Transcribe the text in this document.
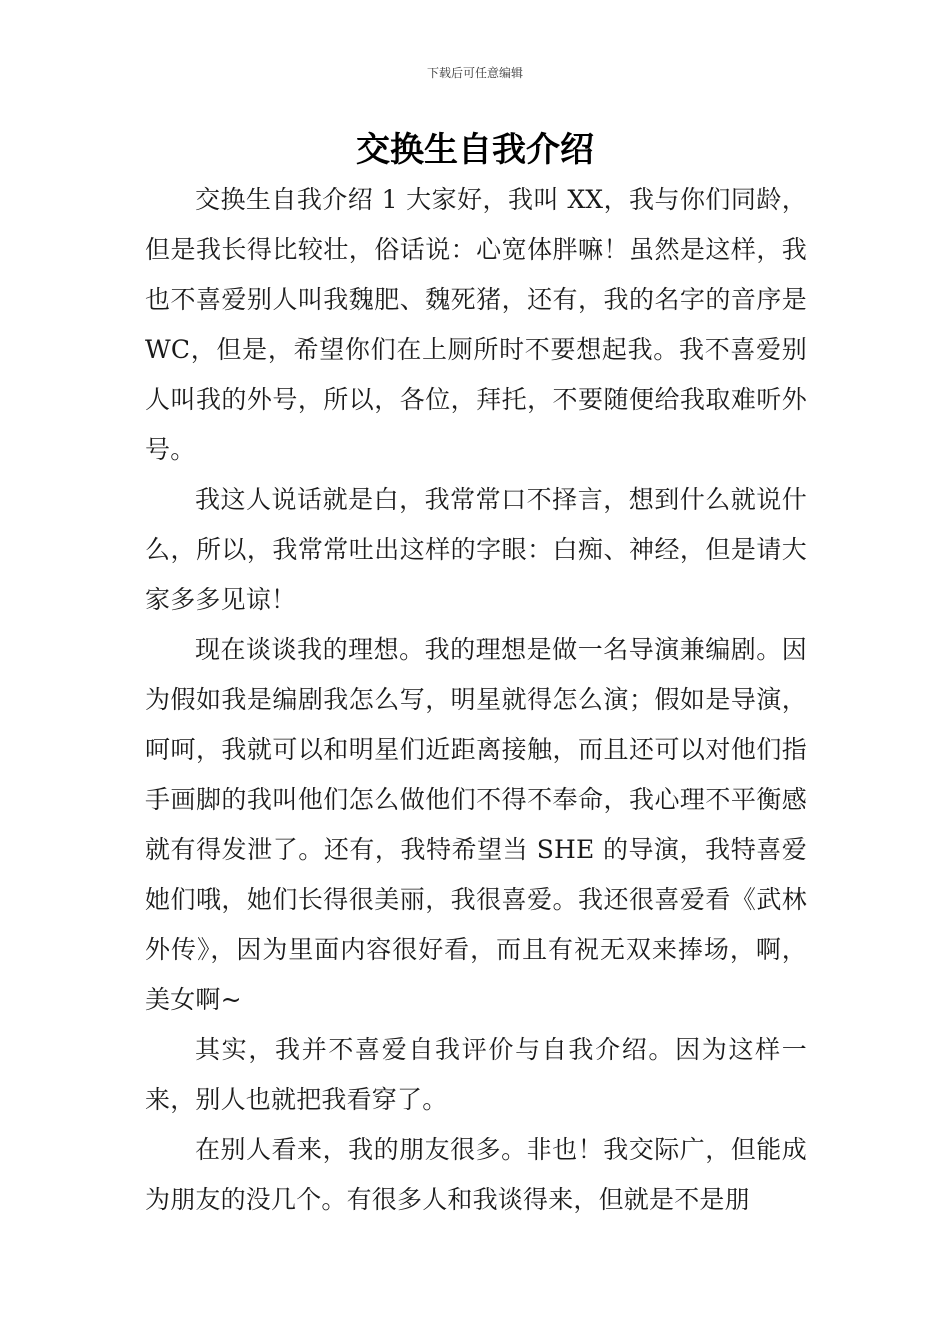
下载后可任意编辑
交换生自我介绍

交换生自我介绍 1 大家好，我叫 XX，我与你们同龄，但是我长得比较壮，俗话说：心宽体胖嘛！虽然是这样，我也不喜爱别人叫我魏肥、魏死猪，还有，我的名字的音序是 WC，但是，希望你们在上厕所时不要想起我。我不喜爱别人叫我的外号，所以，各位，拜托，不要随便给我取难听外号。

我这人说话就是白，我常常口不择言，想到什么就说什么，所以，我常常吐出这样的字眼：白痴、神经，但是请大家多多见谅！

现在谈谈我的理想。我的理想是做一名导演兼编剧。因为假如我是编剧我怎么写，明星就得怎么演；假如是导演，呵呵，我就可以和明星们近距离接触，而且还可以对他们指手画脚的我叫他们怎么做他们不得不奉命，我心理不平衡感就有得发泄了。还有，我特希望当 SHE 的导演，我特喜爱她们哦，她们长得很美丽，我很喜爱。我还很喜爱看《武林外传》，因为里面内容很好看，而且有祝无双来捧场，啊，美女啊~

其实，我并不喜爱自我评价与自我介绍。因为这样一来，别人也就把我看穿了。

在别人看来，我的朋友很多。非也！我交际广，但能成为朋友的没几个。有很多人和我谈得来，但就是不是朋
